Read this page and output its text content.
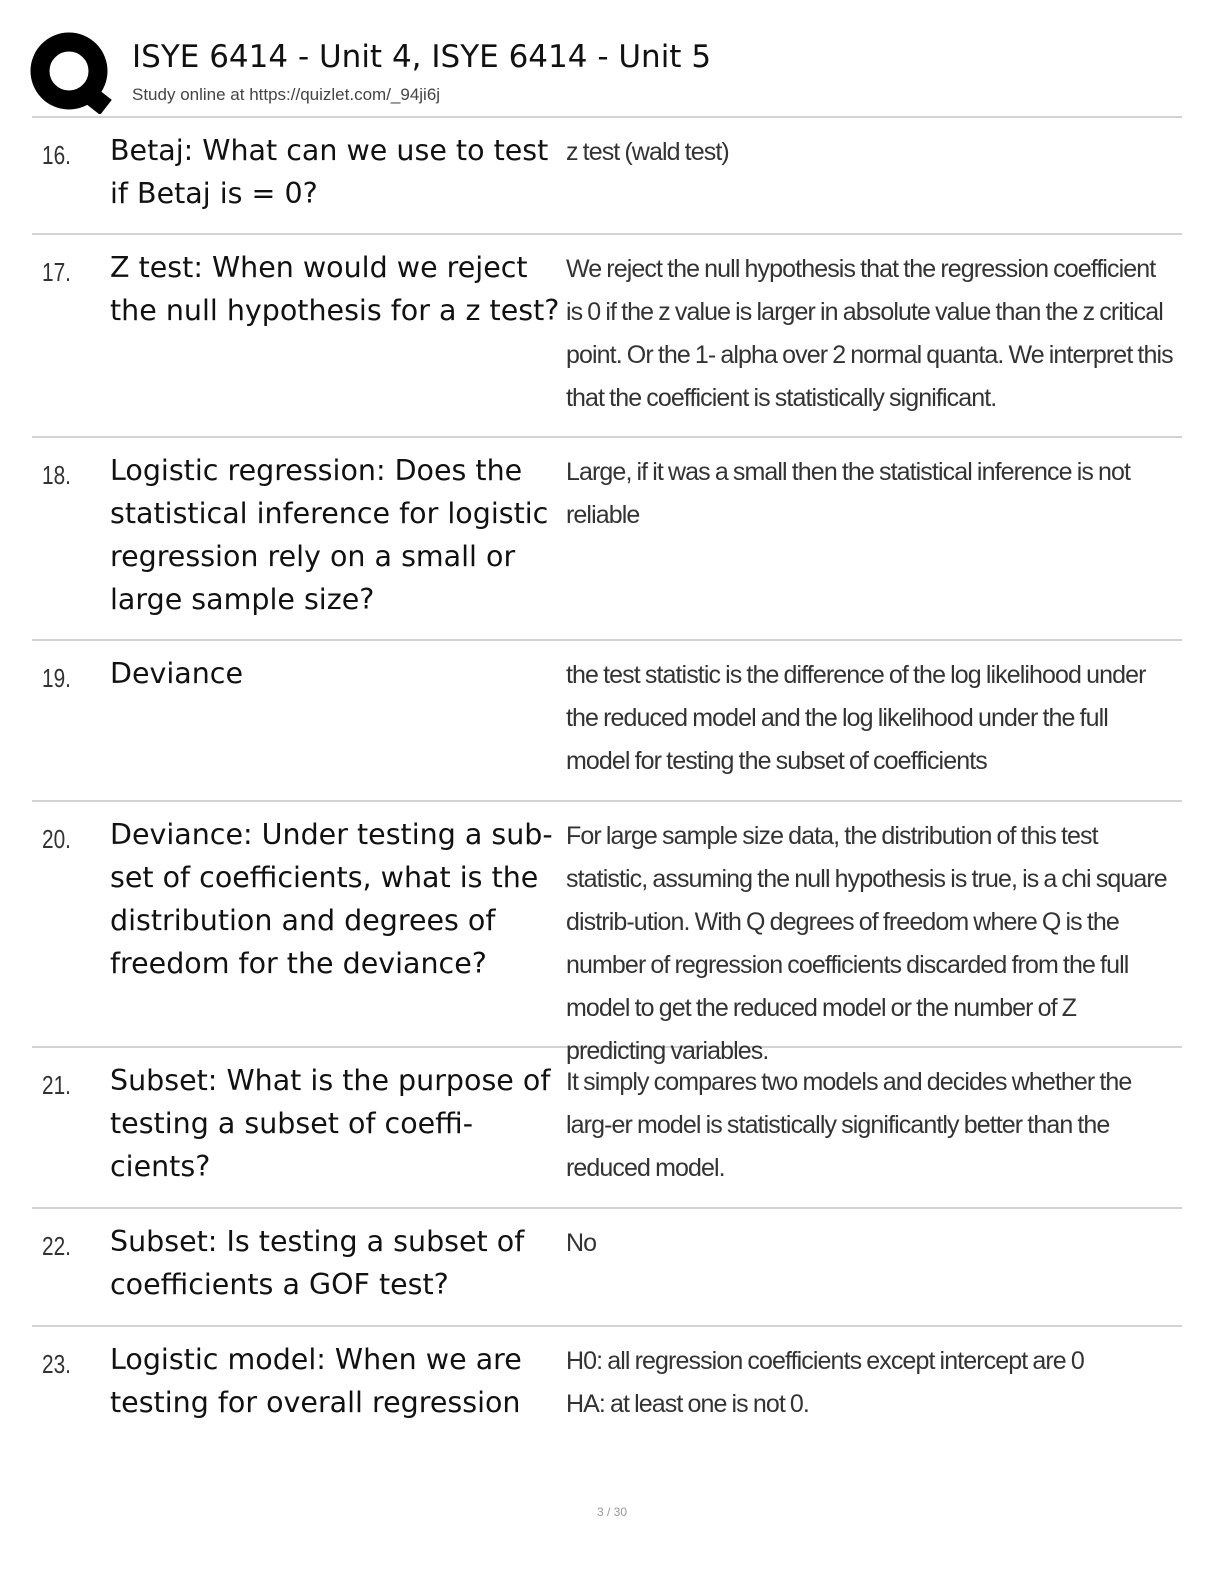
ISYE 6414 - Unit 4, ISYE 6414 - Unit 5
Study online at https://quizlet.com/_94ji6j
16. Betaj: What can we use to test if Betaj is = 0?
z test (wald test)
17. Z test: When would we reject the null hypothesis for a z test?
We reject the null hypothesis that the regression coefficient is 0 if the z value is larger in absolute value than the z critical point. Or the 1- alpha over 2 normal quanta. We interpret this that the coefficient is statistically significant.
18. Logistic regression: Does the statistical inference for logistic regression rely on a small or large sample size?
Large, if it was a small then the statistical inference is not reliable
19. Deviance	the test statistic is the difference of the log likelihood under the reduced model and the log likelihood under the full model for testing the subset of coefficients
20. Deviance: Under testing a sub-set of coefficients, what is the distribution and degrees of freedom for the deviance?
For large sample size data, the distribution of this test statistic, assuming the null hypothesis is true, is a chi square distrib-ution. With Q degrees of freedom where Q is the number of regression coefficients discarded from the full model to get the reduced model or the number of Z predicting variables.
21. Subset: What is the purpose of testing a subset of coeffi-cients?
It simply compares two models and decides whether the larg-er model is statistically significantly better than the reduced model.
22. Subset: Is testing a subset of coefficients a GOF test?
No
23. Logistic model: When we are testing for overall regression
H0: all regression coefficients except intercept are 0
HA: at least one is not 0.
3 / 30
